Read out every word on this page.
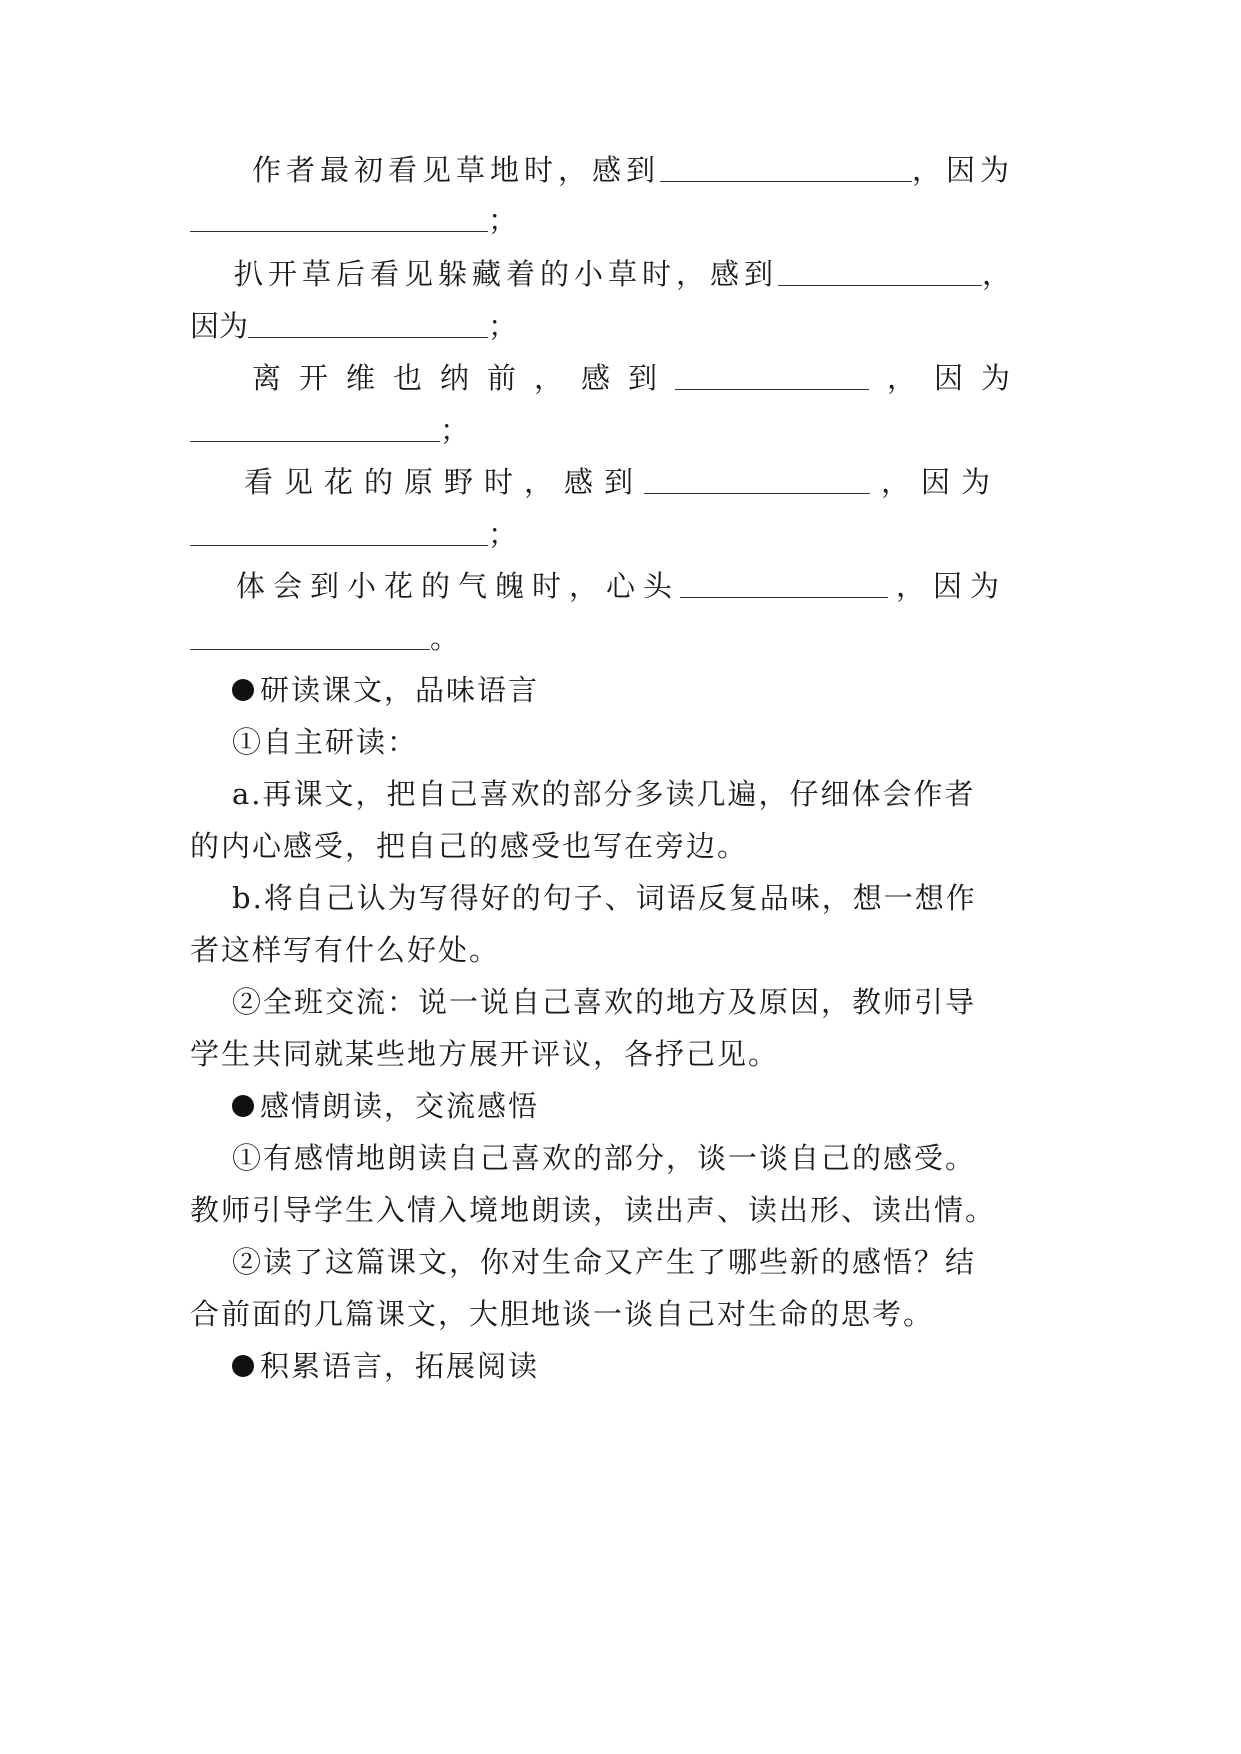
作者最初看见草地时，感到	，因为
；
扒开草后看见躲藏着的小草时，感到	，
因为	；
离开维也纳前，感到	，因为
；
看见花的原野时，感到	，因为
；
体会到小花的气魄时，心头	，因为
。
研读课文，品味语言
①自主研读：
a.再课文，把自己喜欢的部分多读几遍，仔细体会作者
的内心感受，把自己的感受也写在旁边。
b.将自己认为写得好的句子、词语反复品味，想一想作
者这样写有什么好处。
②全班交流：说一说自己喜欢的地方及原因，教师引导
学生共同就某些地方展开评议，各抒己见。
感情朗读，交流感悟
①有感情地朗读自己喜欢的部分，谈一谈自己的感受。
教师引导学生入情入境地朗读，读出声、读出形、读出情。
②读了这篇课文，你对生命又产生了哪些新的感悟？结
合前面的几篇课文，大胆地谈一谈自己对生命的思考。
积累语言，拓展阅读
